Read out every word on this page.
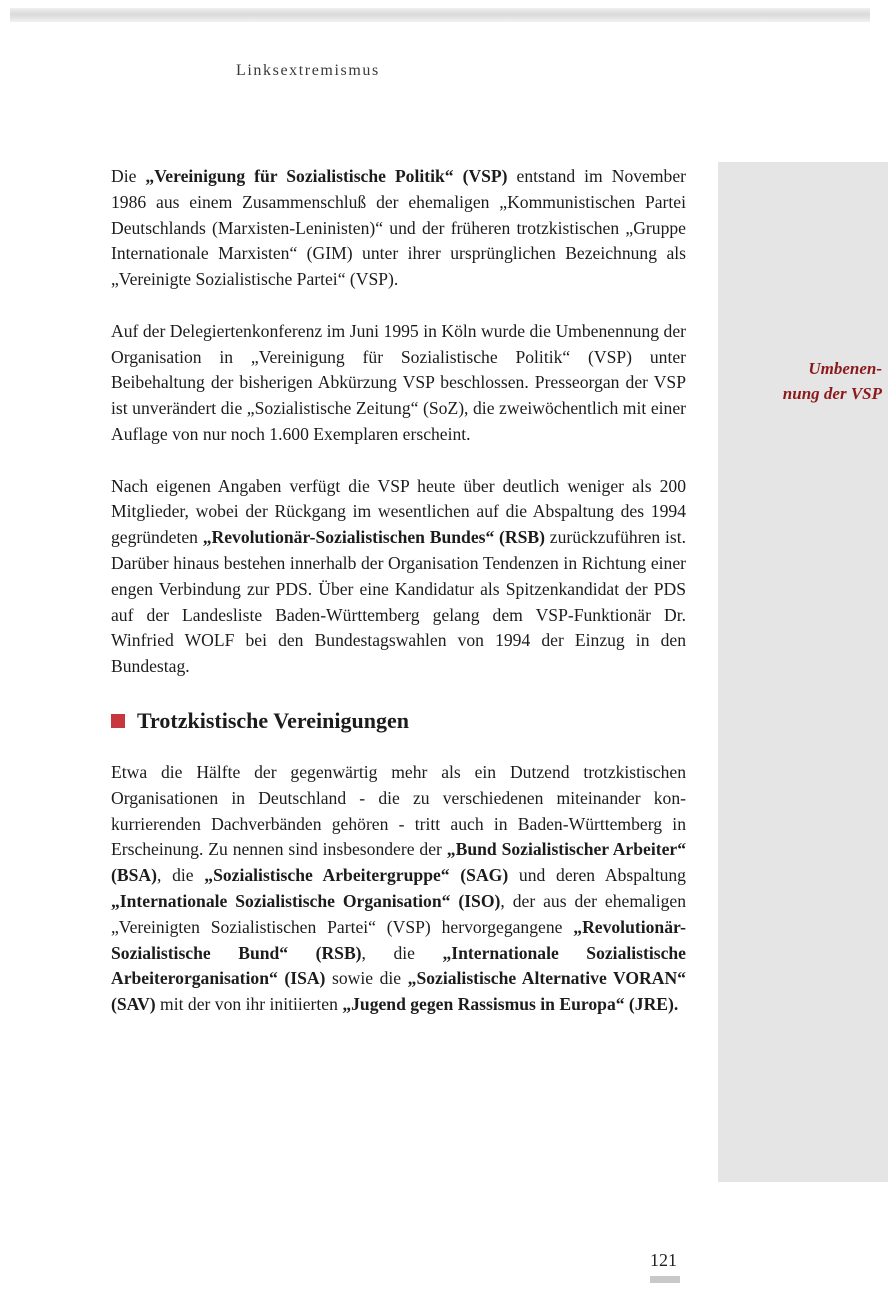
Linksextremismus
Umbenen-
nung der VSP

Die „Vereinigung für Sozialistische Politik“ (VSP) entstand im November 1986 aus einem Zusammenschluß der ehemaligen „Kommunistischen Partei Deutschlands (Marxisten-Leninisten)“ und der früheren trotzkistischen „Gruppe Internationale Marxisten“ (GIM) unter ihrer ursprünglichen Bezeichnung als „Vereinigte Sozialistische Partei“ (VSP).

Auf der Delegiertenkonferenz im Juni 1995 in Köln wurde die Umbenennung der Organisation in „Vereinigung für Sozialistische Politik“ (VSP) unter Beibehaltung der bisherigen Abkürzung VSP beschlossen. Presseorgan der VSP ist unverändert die „Sozialistische Zeitung“ (SoZ), die zweiwöchentlich mit einer Auflage von nur noch 1.600 Exemplaren erscheint.

Nach eigenen Angaben verfügt die VSP heute über deutlich weniger als 200 Mitglieder, wobei der Rückgang im wesentlichen auf die Abspaltung des 1994 gegründeten „Revolutionär-Sozialistischen Bundes“ (RSB) zurückzuführen ist. Darüber hinaus bestehen innerhalb der Organisation Tendenzen in Richtung einer engen Verbindung zur PDS. Über eine Kandidatur als Spitzenkandidat der PDS auf der Landesliste Baden-Württemberg gelang dem VSP-Funktionär Dr. Winfried WOLF bei den Bundestagswahlen von 1994 der Einzug in den Bundestag.

Trotzkistische Vereinigungen

Etwa die Hälfte der gegenwärtig mehr als ein Dutzend trotzkistischen Organisationen in Deutschland - die zu verschiedenen miteinander konkurrierenden Dachverbänden gehören - tritt auch in Baden-Württemberg in Erscheinung. Zu nennen sind insbesondere der „Bund Sozialistischer Arbeiter“ (BSA), die „Sozialistische Arbeitergruppe“ (SAG) und deren Abspaltung „Internationale Sozialistische Organisation“ (ISO), der aus der ehemaligen „Vereinigten Sozialistischen Partei“ (VSP) hervorgegangene „Revolutionär-Sozialistische Bund“ (RSB), die „Internationale Sozialistische Arbeiterorganisation“ (ISA) sowie die „Sozialistische Alternative VORAN“ (SAV) mit der von ihr initiierten „Jugend gegen Rassismus in Europa“ (JRE).

121
